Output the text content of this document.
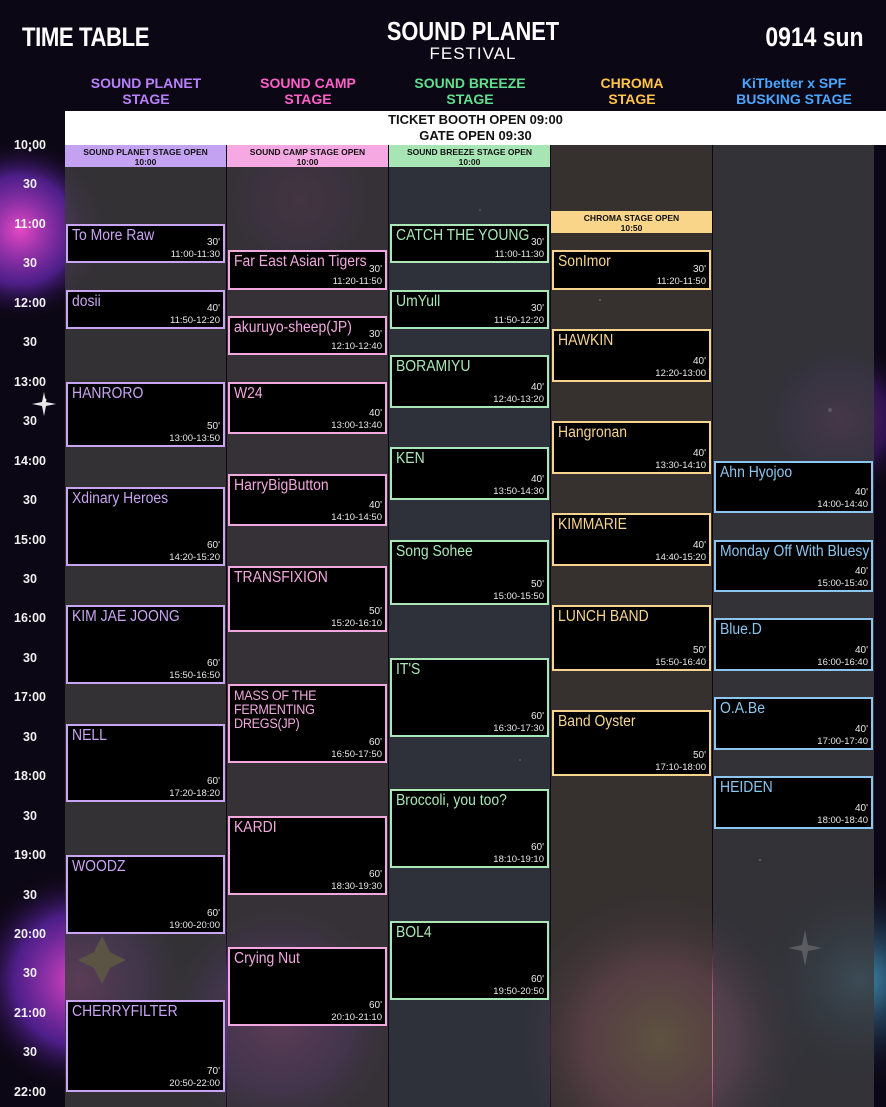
TIME TABLE	SOUND PLANET
FESTIVAL
0914 sun
SOUND PLANET
STAGE
SOUND CAMP
STAGE
SOUND BREEZE
STAGE
CHROMA
STAGE
KiTbetter x SPF
BUSKING STAGE
TICKET BOOTH OPEN 09:00
GATE OPEN 09:30
10:00
30
11:00
30
12:00
30
13:00
30
14:00
30
15:00
30
16:00
30
17:00
30
18:00
30
19:00
30
20:00
30
21:00
30
22:00
SOUND PLANET STAGE OPEN
10:00
To More Raw	30'
11:00-11:30
dosii	40'
11:50-12:20
HANRORO
50'
13:00-13:50
Xdinary Heroes
60'
14:20-15:20
KIM JAE JOONG
60'
15:50-16:50
NELL
60'
17:20-18:20
WOODZ
60'
19:00-20:00
CHERRYFILTER
70'
20:50-22:00
SOUND CAMP STAGE OPEN
10:00
Far East Asian Tigers 30'
11:20-11:50
akuruyo-sheep(JP)	30'
12:10-12:40
W24
40'
13:00-13:40
HarryBigButton
40'
14:10-14:50
TRANSFIXION
50'
15:20-16:10
MASS OF THE FERMENTING DREGS(JP)
60'
16:50-17:50
KARDI
60'
18:30-19:30
Crying Nut
60'
20:10-21:10
SOUND BREEZE STAGE OPEN
10:00
CATCH THE YOUNG 30'
11:00-11:30
UmYull	30'
11:50-12:20
BORAMIYU
40'
12:40-13:20
KEN
40'
13:50-14:30
Song Sohee
50'
15:00-15:50
IT'S
60'
16:30-17:30
Broccoli, you too?
60'
18:10-19:10
BOL4
60'
19:50-20:50
CHROMA STAGE OPEN
10:50
SonImor	30'
11:20-11:50
HAWKIN
40'
12:20-13:00
Hangronan
40'
13:30-14:10
KIMMARIE
40'
14:40-15:20
LUNCH BAND
50'
15:50-16:40
Band Oyster
50'
17:10-18:00
Ahn Hyojoo
40'
14:00-14:40
Monday Off With Bluesy
40'
15:00-15:40
Blue.D
40'
16:00-16:40
O.A.Be
40'
17:00-17:40
HEIDEN
40'
18:00-18:40
